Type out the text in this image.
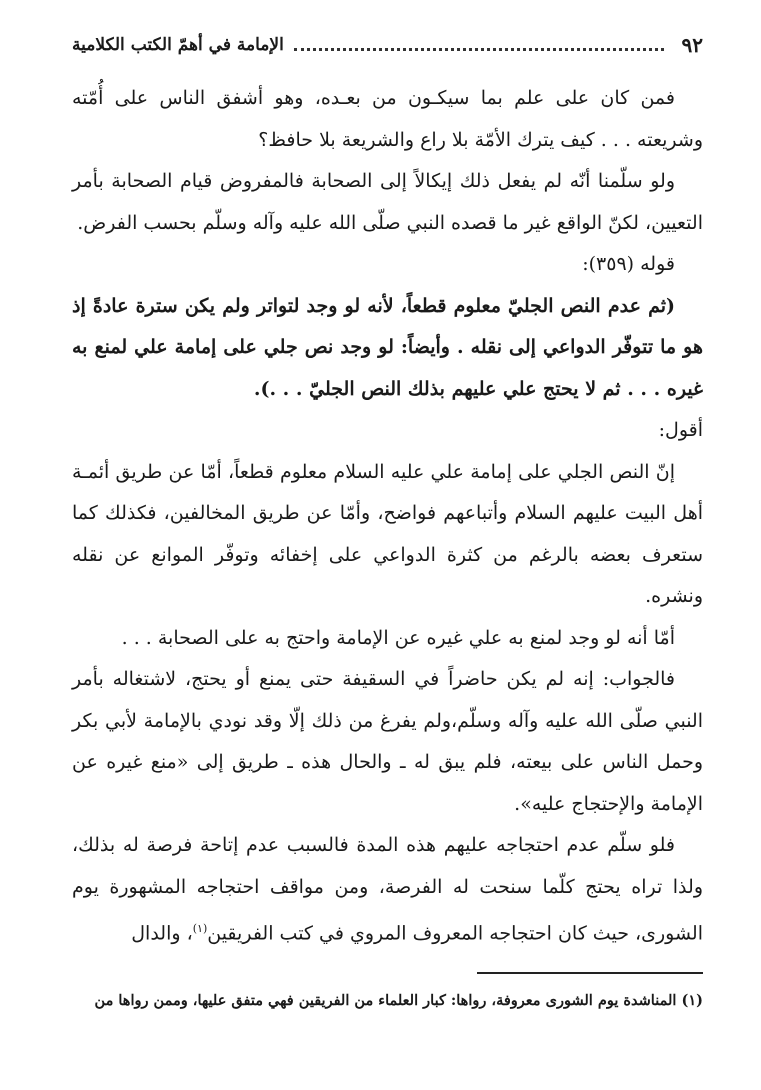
٩٢
الإمامة في أهمّ الكتب الكلامية

فمن كان على علم بما سيكـون من بعـده، وهو أشفق الناس على أُمّته وشريعته . . . كيف يترك الأمّة بلا راع والشريعة بلا حافظ؟

ولو سلّمنا أنّه لم يفعل ذلك إيكالاً إلى الصحابة فالمفروض قيام الصحابة بأمر التعيين، لكنّ الواقع غير ما قصده النبي صلّى الله عليه وآله وسلّم بحسب الفرض.

قوله (٣٥٩):

(ثم عدم النص الجليّ معلوم قطعاً، لأنه لو وجد لتواتر ولم يكن سترة عادةً إذ هو ما تتوفّر الدواعي إلى نقله . وأيضاً: لو وجد نص جلي على إمامة علي لمنع به غيره . . . ثم لا يحتج علي عليهم بذلك النص الجليّ . . .).

أقول:

إنّ النص الجلي على إمامة علي عليه السلام معلوم قطعاً، أمّا عن طريق أئمـة أهل البيت عليهم السلام وأتباعهم فواضح، وأمّا عن طريق المخالفين، فكذلك كما ستعرف بعضه بالرغم من كثرة الدواعي على إخفائه وتوفّر الموانع عن نقله ونشره.

أمّا أنه لو وجد لمنع به علي غيره عن الإمامة واحتج به على الصحابة . . .

فالجواب: إنه لم يكن حاضراً في السقيفة حتى يمنع أو يحتج، لاشتغاله بأمر النبي صلّى الله عليه وآله وسلّم،ولم يفرغ من ذلك إلّا وقد نودي بالإمامة لأبي بكر وحمل الناس على بيعته، فلم يبق له ـ والحال هذه ـ طريق إلى «منع غيره عن الإمامة والإحتجاج عليه».

فلو سلّم عدم احتجاجه عليهم هذه المدة فالسبب عدم إتاحة فرصة له بذلك، ولذا تراه يحتج كلّما سنحت له الفرصة، ومن مواقف احتجاجه المشهورة يوم الشورى، حيث كان احتجاجه المعروف المروي في كتب الفريقين$^{(١)}$، والدال

(١) المناشدة يوم الشورى معروفة، رواها: كبار العلماء من الفريقين فهي متفق عليها، وممن رواها من
